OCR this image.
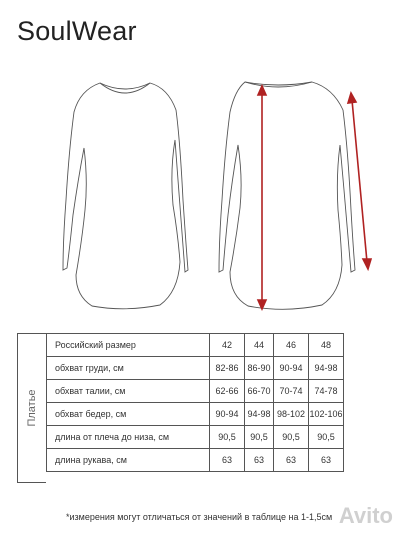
SoulWear
Платье
Российский размер	42	44	46	48
обхват груди, см	82-86	86-90	90-94	94-98
обхват талии, см	62-66	66-70	70-74	74-78
обхват бедер, см	90-94	94-98	98-102	102-106
длина от плеча до низа, см	90,5	90,5	90,5	90,5
длина рукава, см	63	63	63	63
*измерения могут отличаться от значений в таблице на 1-1,5см Avito
